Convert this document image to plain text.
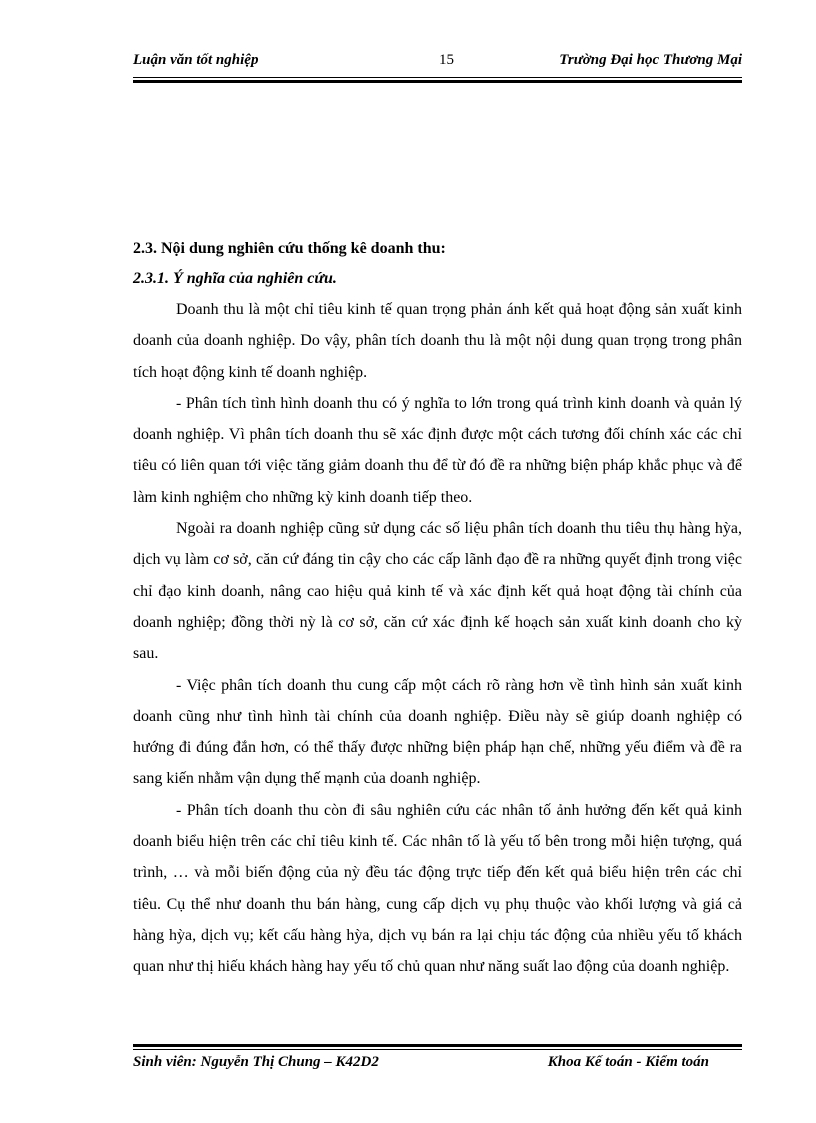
Luận văn tốt nghiệp	15	Trường Đại học Thương Mại
2.3. Nội dung nghiên cứu thống kê doanh thu:
2.3.1. Ý nghĩa của nghiên cứu.

Doanh thu là một chỉ tiêu kinh tế quan trọng phản ánh kết quả hoạt động sản xuất kinh doanh của doanh nghiệp. Do vậy, phân tích doanh thu là một nội dung quan trọng trong phân tích hoạt động kinh tế doanh nghiệp.

- Phân tích tình hình doanh thu có ý nghĩa to lớn trong quá trình kinh doanh và quản lý doanh nghiệp. Vì phân tích doanh thu sẽ xác định được một cách tương đối chính xác các chỉ tiêu có liên quan tới việc tăng giảm doanh thu để từ đó đề ra những biện pháp khắc phục và để làm kinh nghiệm cho những kỳ kinh doanh tiếp theo.

Ngoài ra doanh nghiệp cũng sử dụng các số liệu phân tích doanh thu tiêu thụ hàng hỳa, dịch vụ làm cơ sở, căn cứ đáng tin cậy cho các cấp lãnh đạo đề ra những quyết định trong việc chỉ đạo kinh doanh, nâng cao hiệu quả kinh tế và xác định kết quả hoạt động tài chính của doanh nghiệp; đồng thời nỳ là cơ sở, căn cứ xác định kế hoạch sản xuất kinh doanh cho kỳ sau.

- Việc phân tích doanh thu cung cấp một cách rõ ràng hơn về tình hình sản xuất kinh doanh cũng như tình hình tài chính của doanh nghiệp. Điều này sẽ giúp doanh nghiệp có hướng đi đúng đắn hơn, có thể thấy được những biện pháp hạn chế, những yếu điểm và đề ra sang kiến nhằm vận dụng thế mạnh của doanh nghiệp.

- Phân tích doanh thu còn đi sâu nghiên cứu các nhân tố ảnh hưởng đến kết quả kinh doanh biểu hiện trên các chỉ tiêu kinh tế. Các nhân tố là yếu tố bên trong mỗi hiện tượng, quá trình, … và mỗi biến động của nỳ đều tác động trực tiếp đến kết quả biểu hiện trên các chỉ tiêu. Cụ thể như doanh thu bán hàng, cung cấp dịch vụ phụ thuộc vào khối lượng và giá cả hàng hỳa, dịch vụ; kết cấu hàng hỳa, dịch vụ bán ra lại chịu tác động của nhiều yếu tố khách quan như thị hiếu khách hàng hay yếu tố chủ quan như năng suất lao động của doanh nghiệp.

Sinh viên: Nguyễn Thị Chung – K42D2	Khoa Kế toán - Kiểm toán
